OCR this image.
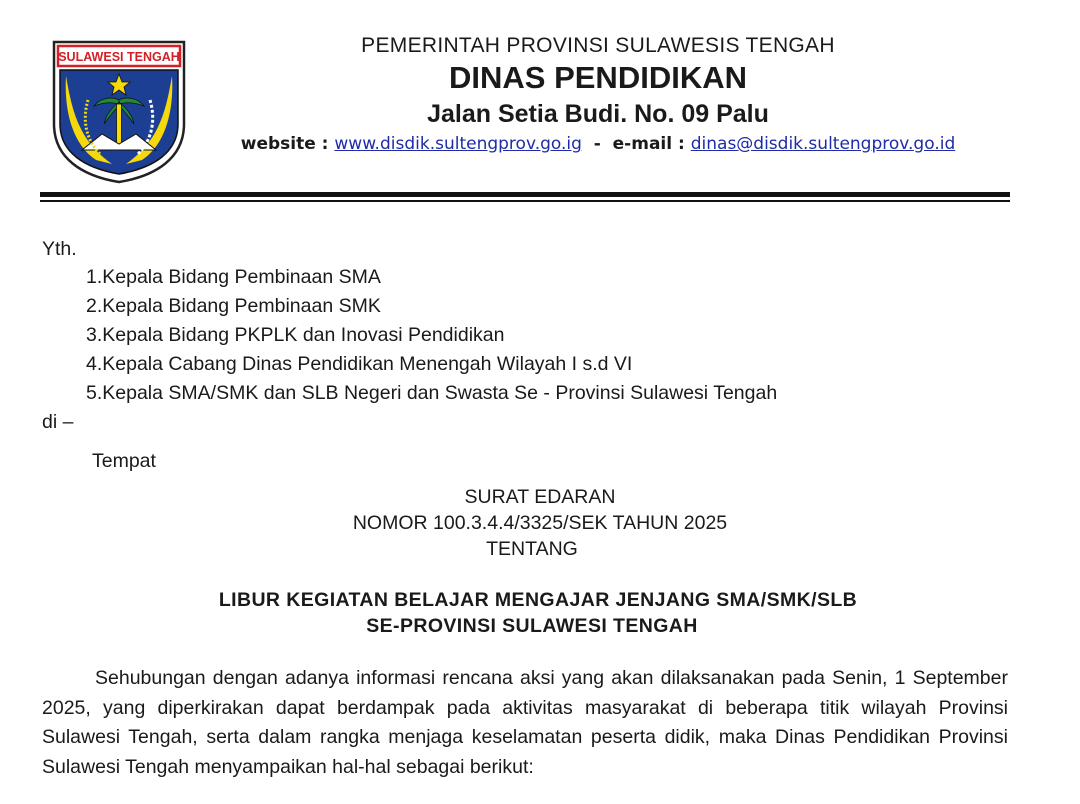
SULAWESI TENGAH	PEMERINTAH PROVINSI SULAWESIS TENGAH
DINAS PENDIDIKAN
Jalan Setia Budi. No. 09 Palu
website : www.disdik.sultengprov.go.ig - e-mail : dinas@disdik.sultengprov.go.id
Yth.
1.Kepala Bidang Pembinaan SMA
2.Kepala Bidang Pembinaan SMK
3.Kepala Bidang PKPLK dan Inovasi Pendidikan
4.Kepala Cabang Dinas Pendidikan Menengah Wilayah I s.d VI
5.Kepala SMA/SMK dan SLB Negeri dan Swasta Se - Provinsi Sulawesi Tengah
di –
Tempat
SURAT EDARAN
NOMOR 100.3.4.4/3325/SEK TAHUN 2025
TENTANG
LIBUR KEGIATAN BELAJAR MENGAJAR JENJANG SMA/SMK/SLB
SE-PROVINSI SULAWESI TENGAH
Sehubungan dengan adanya informasi rencana aksi yang akan dilaksanakan pada Senin, 1 September 2025, yang diperkirakan dapat berdampak pada aktivitas masyarakat di beberapa titik wilayah Provinsi Sulawesi Tengah, serta dalam rangka menjaga keselamatan peserta didik, maka Dinas Pendidikan Provinsi Sulawesi Tengah menyampaikan hal-hal sebagai berikut:
